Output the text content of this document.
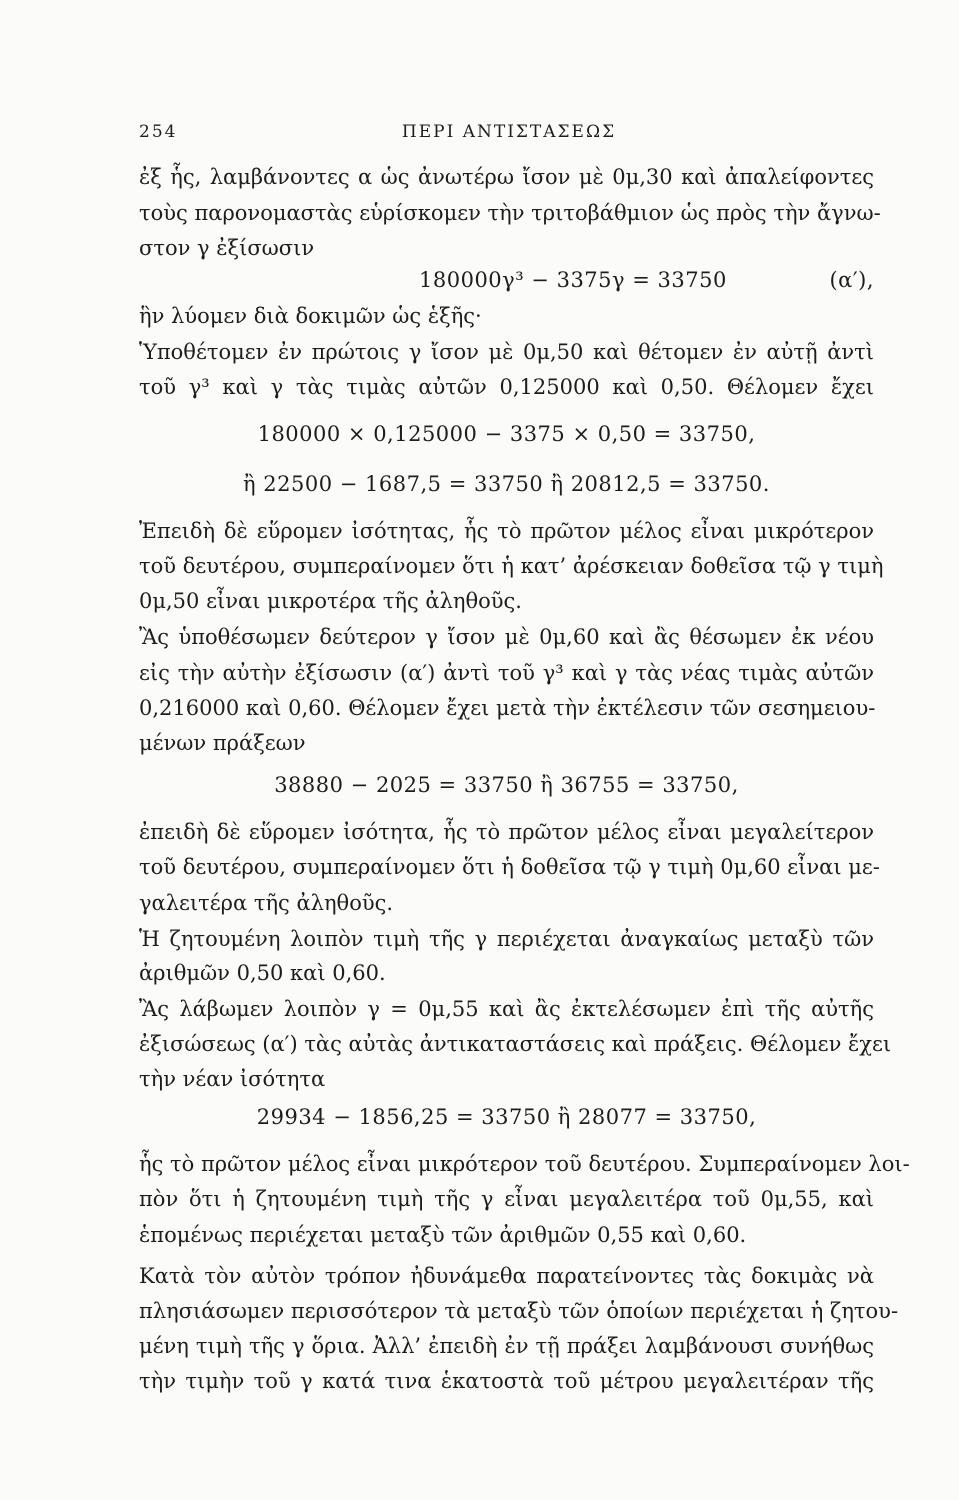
254	ΠΕΡΙ ΑΝΤΙΣΤΑΣΕΩΣ
ἐξ ἧς, λαμβάνοντες α ὡς ἀνωτέρω ἴσον μὲ 0μ,30 καὶ ἀπαλείφοντες
τοὺς παρονομαστὰς εὑρίσκομεν τὴν τριτοβάθμιον ὡς πρὸς τὴν ἄγνω-
στον γ ἐξίσωσιν
180000γ³ − 3375γ = 33750	(α′),
ἣν λύομεν διὰ δοκιμῶν ὡς ἑξῆς·
Ὑποθέτομεν ἐν πρώτοις γ ἴσον μὲ 0μ,50 καὶ θέτομεν ἐν αὐτῇ ἀντὶ
τοῦ γ³ καὶ γ τὰς τιμὰς αὐτῶν 0,125000 καὶ 0,50. Θέλομεν ἔχει
180000 × 0,125000 − 3375 × 0,50 = 33750,
ἢ 22500 − 1687,5 = 33750 ἢ 20812,5 = 33750.
Ἐπειδὴ δὲ εὕρομεν ἰσότητας, ἧς τὸ πρῶτον μέλος εἶναι μικρότερον
τοῦ δευτέρου, συμπεραίνομεν ὅτι ἡ κατ’ ἀρέσκειαν δοθεῖσα τῷ γ τιμὴ
0μ,50 εἶναι μικροτέρα τῆς ἀληθοῦς.
Ἂς ὑποθέσωμεν δεύτερον γ ἴσον μὲ 0μ,60 καὶ ἂς θέσωμεν ἐκ νέου
εἰς τὴν αὐτὴν ἐξίσωσιν (α′) ἀντὶ τοῦ γ³ καὶ γ τὰς νέας τιμὰς αὐτῶν
0,216000 καὶ 0,60. Θέλομεν ἔχει μετὰ τὴν ἐκτέλεσιν τῶν σεσημειου-
μένων πράξεων
38880 − 2025 = 33750 ἢ 36755 = 33750,
ἐπειδὴ δὲ εὕρομεν ἰσότητα, ἧς τὸ πρῶτον μέλος εἶναι μεγαλείτερον
τοῦ δευτέρου, συμπεραίνομεν ὅτι ἡ δοθεῖσα τῷ γ τιμὴ 0μ,60 εἶναι με-
γαλειτέρα τῆς ἀληθοῦς.
Ἡ ζητουμένη λοιπὸν τιμὴ τῆς γ περιέχεται ἀναγκαίως μεταξὺ τῶν
ἀριθμῶν 0,50 καὶ 0,60.
Ἂς λάβωμεν λοιπὸν γ = 0μ,55 καὶ ἂς ἐκτελέσωμεν ἐπὶ τῆς αὐτῆς
ἐξισώσεως (α′) τὰς αὐτὰς ἀντικαταστάσεις καὶ πράξεις. Θέλομεν ἔχει
τὴν νέαν ἰσότητα
29934 − 1856,25 = 33750 ἢ 28077 = 33750,
ἧς τὸ πρῶτον μέλος εἶναι μικρότερον τοῦ δευτέρου. Συμπεραίνομεν λοι-
πὸν ὅτι ἡ ζητουμένη τιμὴ τῆς γ εἶναι μεγαλειτέρα τοῦ 0μ,55, καὶ
ἑπομένως περιέχεται μεταξὺ τῶν ἀριθμῶν 0,55 καὶ 0,60.
Κατὰ τὸν αὐτὸν τρόπον ἠδυνάμεθα παρατείνοντες τὰς δοκιμὰς νὰ
πλησιάσωμεν περισσότερον τὰ μεταξὺ τῶν ὁποίων περιέχεται ἡ ζητου-
μένη τιμὴ τῆς γ ὅρια. Ἀλλ’ ἐπειδὴ ἐν τῇ πράξει λαμβάνουσι συνήθως
τὴν τιμὴν τοῦ γ κατά τινα ἑκατοστὰ τοῦ μέτρου μεγαλειτέραν τῆς
